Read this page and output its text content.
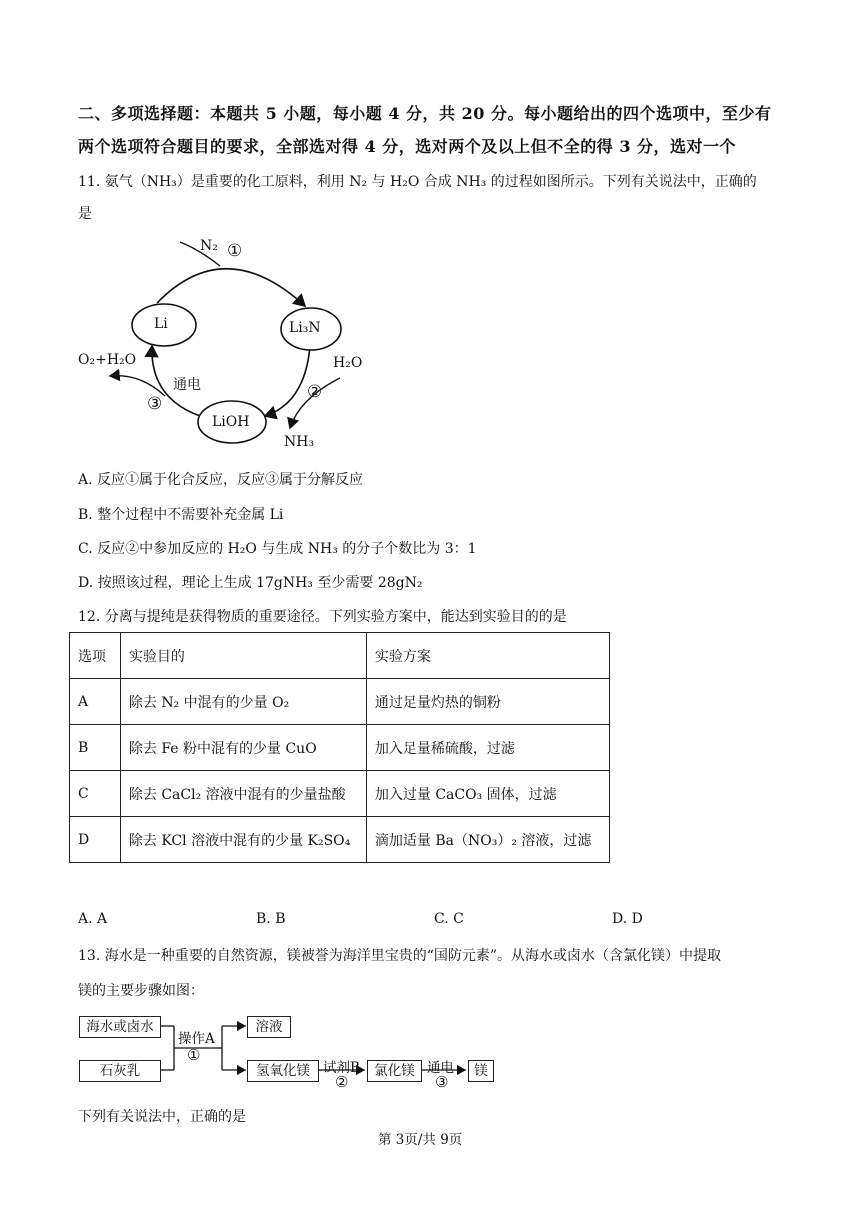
二、多项选择题：本题共 5 小题，每小题 4 分，共 20 分。每小题给出的四个选项中，至少有
两个选项符合题目的要求，全部选对得 4 分，选对两个及以上但不全的得 3 分，选对一个
11. 氨气（NH₃）是重要的化工原料，利用 N₂ 与 H₂O 合成 NH₃ 的过程如图所示。下列有关说法中，正确的
是
Li	Li₃N
LiOH
N₂ ①
H₂O
②
NH₃
O₂+H₂O
通电
③
A. 反应①属于化合反应，反应③属于分解反应
B. 整个过程中不需要补充金属 Li
C. 反应②中参加反应的 H₂O 与生成 NH₃ 的分子个数比为 3：1
D. 按照该过程，理论上生成 17gNH₃ 至少需要 28gN₂
12. 分离与提纯是获得物质的重要途径。下列实验方案中，能达到实验目的的是
选项	实验目的	实验方案
A	除去 N₂ 中混有的少量 O₂	通过足量灼热的铜粉
B	除去 Fe 粉中混有的少量 CuO	加入足量稀硫酸，过滤
C	除去 CaCl₂ 溶液中混有的少量盐酸	加入过量 CaCO₃ 固体，过滤
D	除去 KCl 溶液中混有的少量 K₂SO₄	滴加适量 Ba（NO₃）₂ 溶液，过滤
A. A	B. B	C. C	D. D
13. 海水是一种重要的自然资源，镁被誉为海洋里宝贵的“国防元素”。从海水或卤水（含氯化镁）中提取
镁的主要步骤如图：
海水或卤水
石灰乳
操作A
①
溶液
氢氧化镁 试剂B
②
氯化镁 通电
③
镁
下列有关说法中，正确的是
第 3页/共 9页
